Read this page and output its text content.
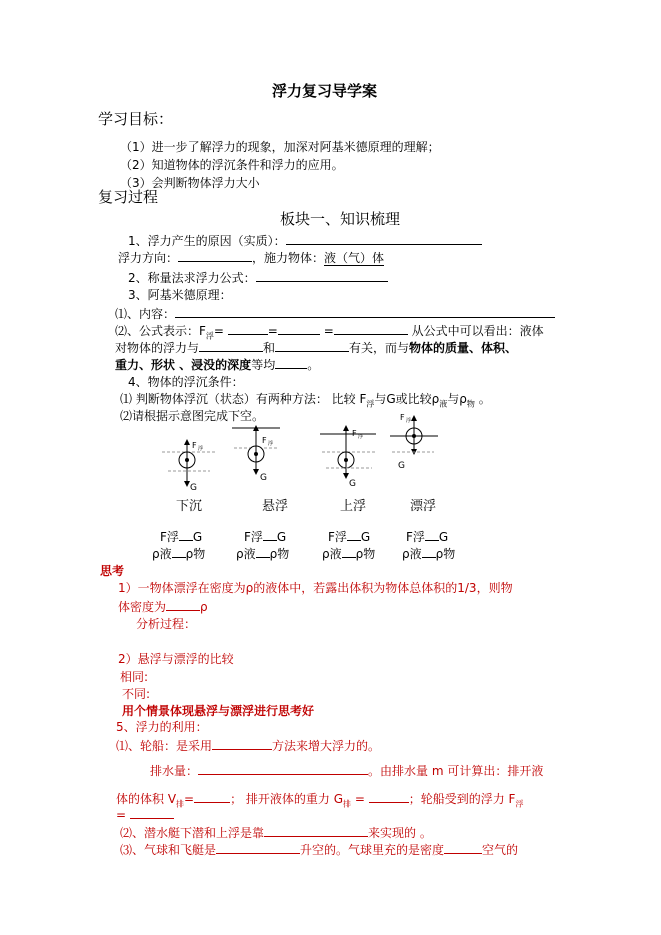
浮力复习导学案
学习目标：
（1）进一步了解浮力的现象，加深对阿基米德原理的理解；
（2）知道物体的浮沉条件和浮力的应用。
（3）会判断物体浮力大小
复习过程
板块一、知识梳理
1、浮力产生的原因（实质）：
浮力方向：	，施力物体：液（气）体
2、称量法求浮力公式：
3、阿基米德原理：
⑴、内容：
⑵、公式表示：$F_浮=$	=	=	从公式中可以看出：液体
对物体的浮力与	和	有关，而与物体的质量、体积、
重力、形状 、浸没的深度等均	。
4、物体的浮沉条件：
⑴ 判断物体浮沉（状态）有两种方法： 比较 $F_浮$与G或比较$\rho_液$与$\rho_物$ 。
⑵请根据示意图完成下空。
F 浮
G
F 浮
G
F 浮
G
F 浮
G
下沉	悬浮	上浮	漂浮
F浮 G	F浮 G	F浮 G	F浮 G
ρ液 ρ物	ρ液 ρ物	ρ液 ρ物 ρ液 ρ物
思考
1）一物体漂浮在密度为ρ的液体中，若露出体积为物体总体积的1/3，则物
体密度为	ρ
分析过程：
2）悬浮与漂浮的比较
相同:
不同:
用个情景体现悬浮与漂浮进行思考好
5、浮力的利用：
⑴、轮船：是采用	方法来增大浮力的。
排水量：	。由排水量 m 可计算出：排开液
体的体积 $V_排=$	； 排开液体的重力 $G_排$ =	；轮船受到的浮力 $F_浮$
=
⑵、潜水艇下潜和上浮是靠	来实现的 。
⑶、气球和飞艇是	升空的。气球里充的是密度	空气的
